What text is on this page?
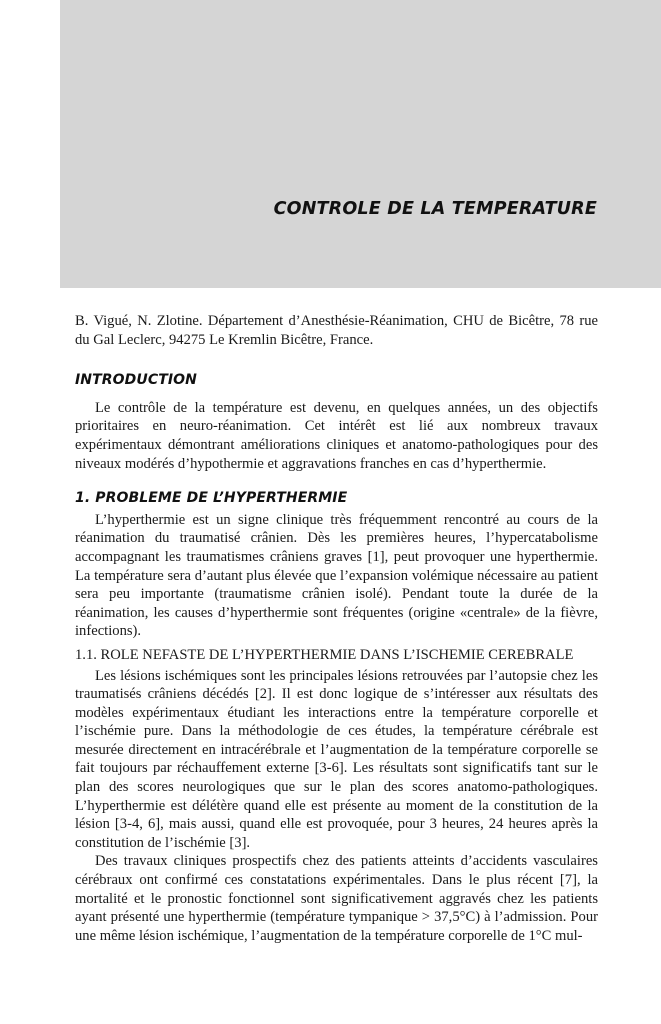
CONTROLE DE LA TEMPERATURE

B. Vigué, N. Zlotine. Département d’Anesthésie-Réanimation, CHU de Bicêtre, 78 rue du Gal Leclerc, 94275 Le Kremlin Bicêtre, France.

INTRODUCTION

Le contrôle de la température est devenu, en quelques années, un des objectifs prioritaires en neuro-réanimation. Cet intérêt est lié aux nombreux travaux expérimentaux démontrant améliorations cliniques et anatomo-pathologiques pour des niveaux modérés d’hypothermie et aggravations franches en cas d’hyperthermie.

1. PROBLEME DE L’HYPERTHERMIE

L’hyperthermie est un signe clinique très fréquemment rencontré au cours de la réanimation du traumatisé crânien. Dès les premières heures, l’hypercatabolisme accompagnant les traumatismes crâniens graves [1], peut provoquer une hyperthermie. La température sera d’autant plus élevée que l’expansion volémique nécessaire au patient sera peu importante (traumatisme crânien isolé). Pendant toute la durée de la réanimation, les causes d’hyperthermie sont fréquentes (origine «centrale» de la fièvre, infections).

1.1. ROLE NEFASTE DE L’HYPERTHERMIE DANS L’ISCHEMIE CEREBRALE

Les lésions ischémiques sont les principales lésions retrouvées par l’autopsie chez les traumatisés crâniens décédés [2]. Il est donc logique de s’intéresser aux résultats des modèles expérimentaux étudiant les interactions entre la température corporelle et l’ischémie pure. Dans la méthodologie de ces études, la température cérébrale est mesurée directement en intracérébrale et l’augmentation de la température corporelle se fait toujours par réchauffement externe [3-6]. Les résultats sont significatifs tant sur le plan des scores neurologiques que sur le plan des scores anatomo-pathologiques. L’hyperthermie est délétère quand elle est présente au moment de la constitution de la lésion [3-4, 6], mais aussi, quand elle est provoquée, pour 3 heures, 24 heures après la constitution de l’ischémie [3].

Des travaux cliniques prospectifs chez des patients atteints d’accidents vasculaires cérébraux ont confirmé ces constatations expérimentales. Dans le plus récent [7], la mortalité et le pronostic fonctionnel sont significativement aggravés chez les patients ayant présenté une hyperthermie (température tympanique > 37,5°C) à l’admission. Pour une même lésion ischémique, l’augmentation de la température corporelle de 1°C mul-
